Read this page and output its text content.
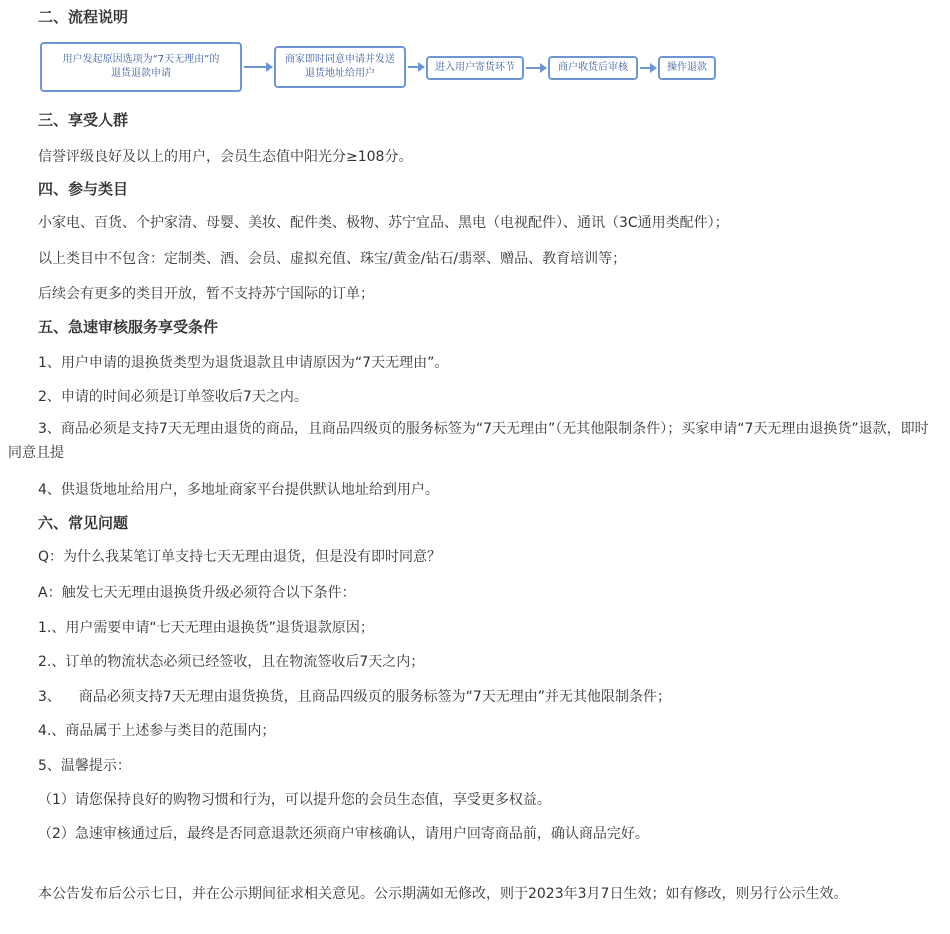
二、流程说明
用户发起原因选项为“7天无理由”的
退货退款申请
商家即时同意申请并发送
退货地址给用户
进入用户寄货环节	商户收货后审核	操作退款
三、享受人群
信誉评级良好及以上的用户，会员生态值中阳光分≥108分。
四、参与类目
小家电、百货、个护家清、母婴、美妆、配件类、极物、苏宁宜品、黑电（电视配件）、通讯（3C通用类配件）；
以上类目中不包含：定制类、酒、会员、虚拟充值、珠宝/黄金/钻石/翡翠、赠品、教育培训等；
后续会有更多的类目开放，暂不支持苏宁国际的订单；
五、急速审核服务享受条件
1、用户申请的退换货类型为退货退款且申请原因为“7天无理由”。
2、申请的时间必须是订单签收后7天之内。
3、商品必须是支持7天无理由退货的商品，且商品四级页的服务标签为“7天无理由”（无其他限制条件）；买家申请“7天无理由退换货”退款，即时同意且提
4、供退货地址给用户，多地址商家平台提供默认地址给到用户。
六、常见问题
Q：为什么我某笔订单支持七天无理由退货，但是没有即时同意？
A：触发七天无理由退换货升级必须符合以下条件：
1.、用户需要申请“七天无理由退换货”退货退款原因；
2.、订单的物流状态必须已经签收，且在物流签收后7天之内；
3、    商品必须支持7天无理由退货换货，且商品四级页的服务标签为“7天无理由”并无其他限制条件；
4.、商品属于上述参与类目的范围内；
5、温馨提示：
（1）请您保持良好的购物习惯和行为，可以提升您的会员生态值，享受更多权益。
（2）急速审核通过后，最终是否同意退款还须商户审核确认，请用户回寄商品前，确认商品完好。
本公告发布后公示七日，并在公示期间征求相关意见。公示期满如无修改，则于2023年3月7日生效；如有修改，则另行公示生效。
